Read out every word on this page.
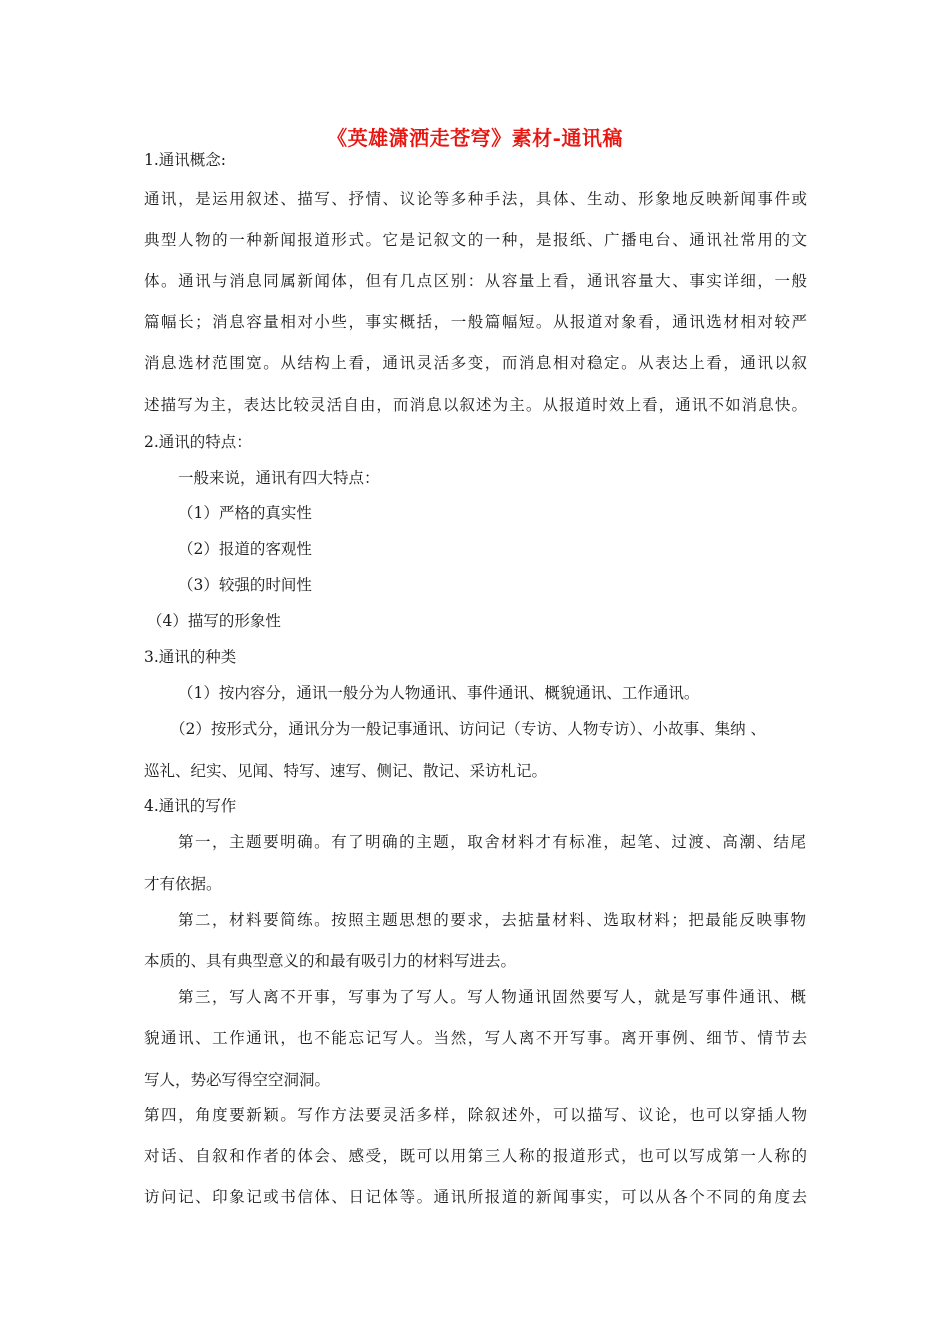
《英雄潇洒走苍穹》素材-通讯稿
1.通讯概念:
通讯，是运用叙述、描写、抒情、议论等多种手法，具体、生动、形象地反映新闻事件或
典型人物的一种新闻报道形式。它是记叙文的一种，是报纸、广播电台、通讯社常用的文
体。通讯与消息同属新闻体，但有几点区别：从容量上看，通讯容量大、事实详细，一般
篇幅长；消息容量相对小些，事实概括，一般篇幅短。从报道对象看，通讯选材相对较严
消息选材范围宽。从结构上看，通讯灵活多变，而消息相对稳定。从表达上看，通讯以叙
述描写为主，表达比较灵活自由，而消息以叙述为主。从报道时效上看，通讯不如消息快。
2.通讯的特点：
一般来说，通讯有四大特点：
（1）严格的真实性
（2）报道的客观性
（3）较强的时间性
（4）描写的形象性
3.通讯的种类
（1）按内容分，通讯一般分为人物通讯、事件通讯、概貌通讯、工作通讯。
（2）按形式分，通讯分为一般记事通讯、访问记（专访、人物专访）、小故事、集纳 、
巡礼、纪实、见闻、特写、速写、侧记、散记、采访札记。
4.通讯的写作
第一，主题要明确。有了明确的主题，取舍材料才有标准，起笔、过渡、高潮、结尾
才有依据。
第二，材料要简练。按照主题思想的要求，去掂量材料、选取材料；把最能反映事物
本质的、具有典型意义的和最有吸引力的材料写进去。
第三，写人离不开事，写事为了写人。写人物通讯固然要写人，就是写事件通讯、概
貌通讯、工作通讯，也不能忘记写人。当然，写人离不开写事。离开事例、细节、情节去
写人，势必写得空空洞洞。
第四，角度要新颖。写作方法要灵活多样，除叙述外，可以描写、议论，也可以穿插人物
对话、自叙和作者的体会、感受，既可以用第三人称的报道形式，也可以写成第一人称的
访问记、印象记或书信体、日记体等。通讯所报道的新闻事实，可以从各个不同的角度去
